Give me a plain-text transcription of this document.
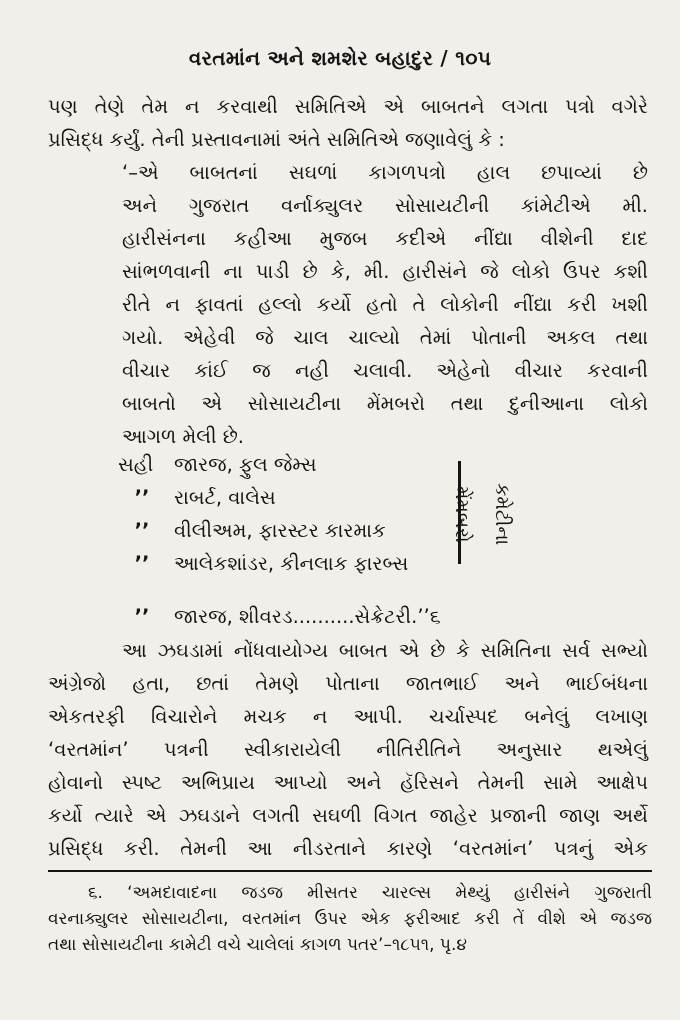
વરતમાંન અને શમશેર બહાદુર / ૧૦૫
પણ તેણે તેમ ન કરવાથી સમિતિએ એ બાબતને લગતા પત્રો વગેરે
પ્રસિદ્ધ કર્યું. તેની પ્રસ્તાવનામાં અંતે સમિતિએ જણાવેલું કે :
‘–એ બાબતનાં સઘળાં કાગળપત્રો હાલ છપાવ્યાં છે
અને ગુજરાત વર્નાક્યુલર સોસાયટીની કાંમેટીએ મી.
હારીસંનના કહીઆ મુજબ કદીએ નીંદ્યા વીશેની દાદ
સાંભળવાની ના પાડી છે કે, મી. હારીસંને જે લોકો ઉપર કશી
રીતે ન ફાવતાં હલ્લો કર્યો હતો તે લોકોની નીંદ્યા કરી ખશી
ગયો. એહેવી જે ચાલ ચાલ્યો તેમાં પોતાની અકલ તથા
વીચાર કાંઈ જ નહી ચલાવી. એહેનો વીચાર કરવાની
બાબતો એ સોસાયટીના મેંમબરો તથા દુનીઆના લોકો
આગળ મેલી છે.
સહી	જારજ, ફુલ જેમ્સ
’’	રાબર્ટ, વાલેસ
’’	વીલીઅમ, ફારસ્ટર કારમાક
’’	આલેકશાંડર, કીનલાક ફારબ્સ
’’	જારજ, શીવરડ..........સેક્રેટરી.’’૬
કમેટીના મેંમબરો
આ ઝઘડામાં નોંધવાયોગ્ય બાબત એ છે કે સમિતિના સર્વ સભ્યો
અંગ્રેજો હતા, છતાં તેમણે પોતાના જાતભાઈ અને ભાઈબંધના
એકતરફી વિચારોને મચક ન આપી. ચર્ચાસ્પદ બનેલું લખાણ
‘વરતમાંન’ પત્રની સ્વીકારાયેલી નીતિરીતિને અનુસાર થએલું
હોવાનો સ્પષ્ટ અભિપ્રાય આપ્યો અને હૅરિસને તેમની સામે આક્ષેપ
કર્યો ત્યારે એ ઝઘડાને લગતી સઘળી વિગત જાહેર પ્રજાની જાણ અર્થે
પ્રસિદ્ધ કરી. તેમની આ નીડરતાને કારણે ‘વરતમાંન’ પત્રનું એક
૬. ‘અમદાવાદના જડજ મીસતર ચારલ્સ મેથ્યું હારીસંને ગુજરાતી
વરનાક્યુલર સોસાયટીના, વરતમાંન ઉપર એક ફરીઆદ કરી તેં વીશે એ જડજ
તથા સોસાયટીના કામેટી વચે ચાલેલાં કાગળ પતર’–૧૮૫૧, પૃ.૪
